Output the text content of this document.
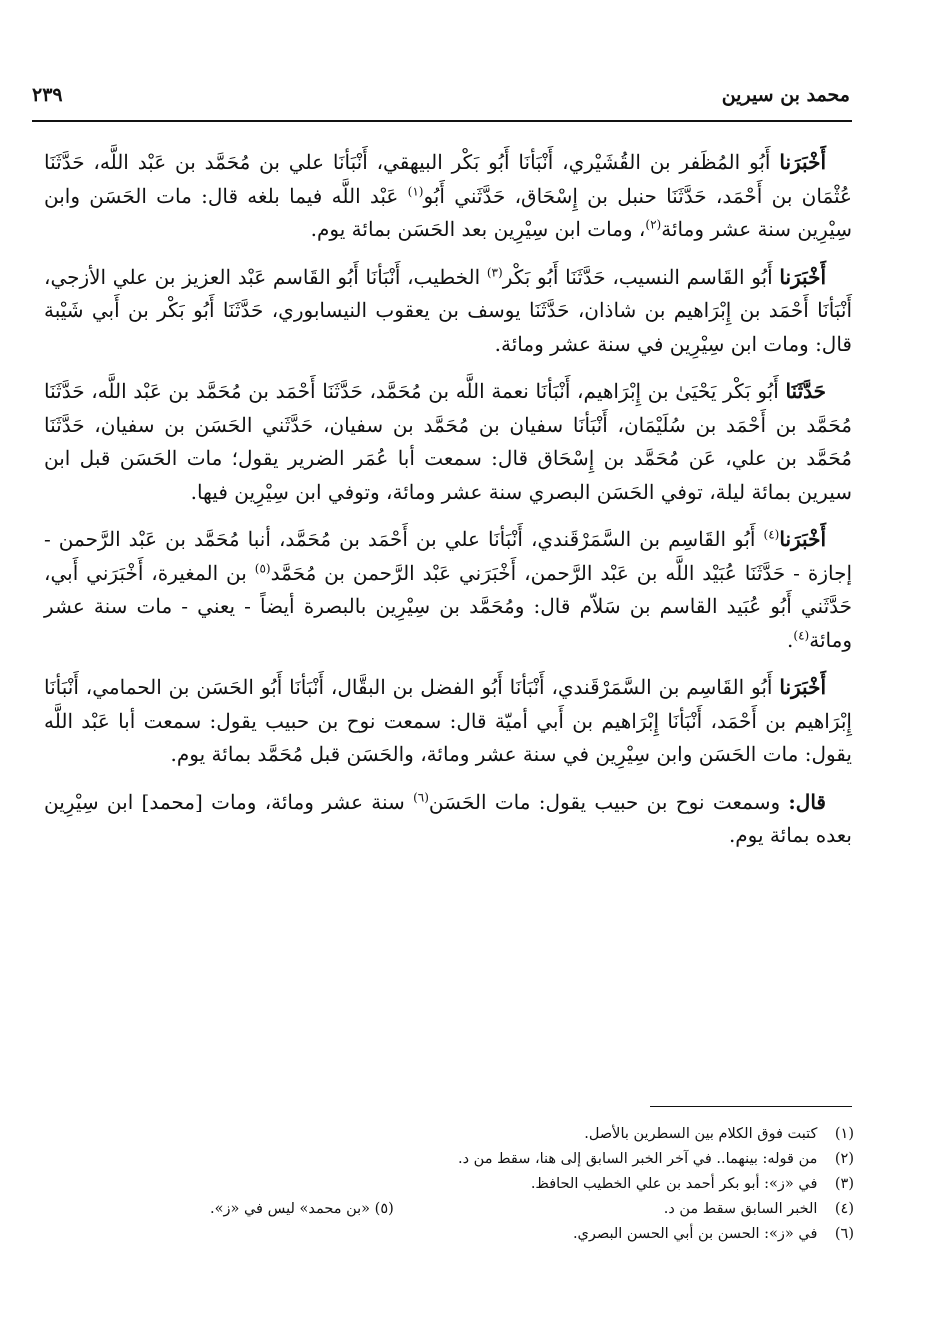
محمد بن سيرين
٢٣٩

أَخْبَرَنا أَبُو المُظَفر بن القُشَيْري، أَنْبَأنَا أَبُو بَكْر البيهقي، أَنْبَأنَا علي بن مُحَمَّد بن عَبْد اللَّه، حَدَّثَنَا عُثْمَان بن أَحْمَد، حَدَّثَنَا حنبل بن إِسْحَاق، حَدَّثَني أَبُو$^{(١)}$ عَبْد اللَّه فيما بلغه قال: مات الحَسَن وابن سِيْرِين سنة عشر ومائة$^{(٢)}$، ومات ابن سِيْرِين بعد الحَسَن بمائة يوم.

أَخْبَرَنا أَبُو القَاسم النسيب، حَدَّثَنَا أَبُو بَكْر$^{(٣)}$ الخطيب، أَنْبَأنَا أَبُو القَاسم عَبْد العزيز بن علي الأزجي، أَنْبَأنَا أَحْمَد بن إِبْرَاهيم بن شاذان، حَدَّثَنَا يوسف بن يعقوب النيسابوري، حَدَّثَنَا أَبُو بَكْر بن أَبي شَيْبة قال: ومات ابن سِيْرِين في سنة عشر ومائة.

حَدَّثَنَا أَبُو بَكْر يَحْيَىٰ بن إِبْرَاهيم، أَنْبَأنَا نعمة اللَّه بن مُحَمَّد، حَدَّثَنَا أَحْمَد بن مُحَمَّد بن عَبْد اللَّه، حَدَّثَنَا مُحَمَّد بن أَحْمَد بن سُلَيْمَان، أَنْبَأنَا سفيان بن مُحَمَّد بن سفيان، حَدَّثَني الحَسَن بن سفيان، حَدَّثَنَا مُحَمَّد بن علي، عَن مُحَمَّد بن إِسْحَاق قال: سمعت أبا عُمَر الضرير يقول؛ مات الحَسَن قبل ابن سيرين بمائة ليلة، توفي الحَسَن البصري سنة عشر ومائة، وتوفي ابن سِيْرِين فيها.

أَخْبَرَنا$^{(٤)}$ أَبُو القَاسِم بن السَّمَرْقَندي، أَنْبَأنَا علي بن أَحْمَد بن مُحَمَّد، أنبا مُحَمَّد بن عَبْد الرَّحمن - إجازة - حَدَّثَنَا عُبَيْد اللَّه بن عَبْد الرَّحمن، أَخْبَرَني عَبْد الرَّحمن بن مُحَمَّد$^{(٥)}$ بن المغيرة، أَخْبَرَني أَبي، حَدَّثَني أَبُو عُبَيد القاسم بن سَلاّم قال: ومُحَمَّد بن سِيْرِين بالبصرة أيضاً - يعني - مات سنة عشر ومائة$^{(٤)}$.

أَخْبَرَنا أَبُو القَاسِم بن السَّمَرْقَندي، أَنْبَأنَا أَبُو الفضل بن البقَّال، أَنْبَأنَا أَبُو الحَسَن بن الحمامي، أَنْبَأنَا إِبْرَاهيم بن أَحْمَد، أَنْبَأنَا إِبْرَاهيم بن أَبي أميّة قال: سمعت نوح بن حبيب يقول: سمعت أبا عَبْد اللَّه يقول: مات الحَسَن وابن سِيْرِين في سنة عشر ومائة، والحَسَن قبل مُحَمَّد بمائة يوم.

قال: وسمعت نوح بن حبيب يقول: مات الحَسَن$^{(٦)}$ سنة عشر ومائة، ومات [محمد] ابن سِيْرِين بعده بمائة يوم.

(١) كتبت فوق الكلام بين السطرين بالأصل.
(٢) من قوله: بينهما.. في آخر الخبر السابق إلى هنا، سقط من د.
(٣) في «ز»: أبو بكر أحمد بن علي الخطيب الحافظ.
(٤) الخبر السابق سقط من د.
(٥) «بن محمد» ليس في «ز».
(٦) في «ز»: الحسن بن أبي الحسن البصري.
